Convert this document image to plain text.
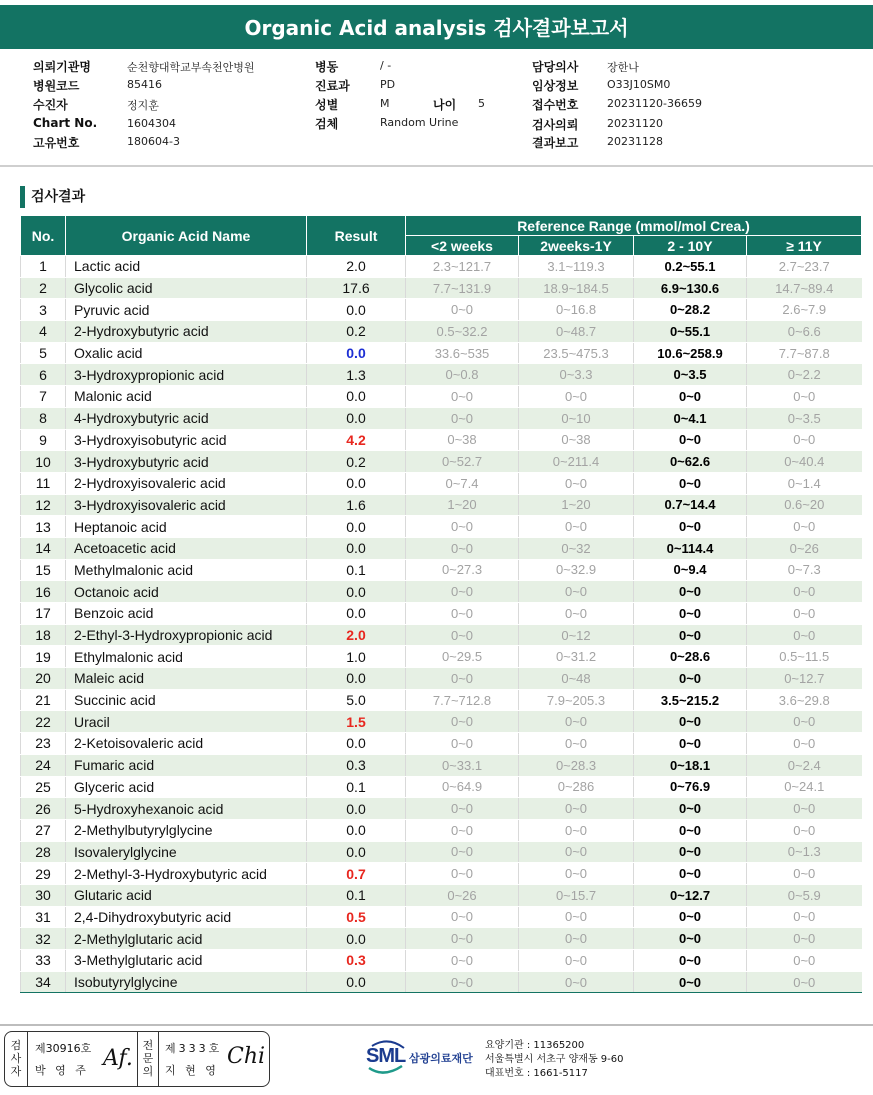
Organic Acid analysis 검사결과보고서
의뢰기관명	순천향대학교부속천안병원
병원코드	85416
수진자	정지훈
Chart No.	1604304
고유번호	180604-3
병동	/ -
진료과	PD
성별	M	나이 5
검체	Random Urine
담당의사	장한나
임상정보	O33J10SM0
접수번호	20231120-36659
검사의뢰	20231120
결과보고	20231128
검사결과
No.	Organic Acid Name	Result	Reference Range (mmol/mol Crea.)			
			<2 weeks	2weeks-1Y	2 - 10Y	≥ 11Y
1	Lactic acid	2.0	2.3~121.7	3.1~119.3	0.2~55.1	2.7~23.7
2	Glycolic acid	17.6	7.7~131.9	18.9~184.5	6.9~130.6	14.7~89.4
3	Pyruvic acid	0.0	0~0	0~16.8	0~28.2	2.6~7.9
4	2-Hydroxybutyric acid	0.2	0.5~32.2	0~48.7	0~55.1	0~6.6
5	Oxalic acid	0.0	33.6~535	23.5~475.3	10.6~258.9	7.7~87.8
6	3-Hydroxypropionic acid	1.3	0~0.8	0~3.3	0~3.5	0~2.2
7	Malonic acid	0.0	0~0	0~0	0~0	0~0
8	4-Hydroxybutyric acid	0.0	0~0	0~10	0~4.1	0~3.5
9	3-Hydroxyisobutyric acid	4.2	0~38	0~38	0~0	0~0
10	3-Hydroxybutyric acid	0.2	0~52.7	0~211.4	0~62.6	0~40.4
11	2-Hydroxyisovaleric acid	0.0	0~7.4	0~0	0~0	0~1.4
12	3-Hydroxyisovaleric acid	1.6	1~20	1~20	0.7~14.4	0.6~20
13	Heptanoic acid	0.0	0~0	0~0	0~0	0~0
14	Acetoacetic acid	0.0	0~0	0~32	0~114.4	0~26
15	Methylmalonic acid	0.1	0~27.3	0~32.9	0~9.4	0~7.3
16	Octanoic acid	0.0	0~0	0~0	0~0	0~0
17	Benzoic acid	0.0	0~0	0~0	0~0	0~0
18	2-Ethyl-3-Hydroxypropionic acid	2.0	0~0	0~12	0~0	0~0
19	Ethylmalonic acid	1.0	0~29.5	0~31.2	0~28.6	0.5~11.5
20	Maleic acid	0.0	0~0	0~48	0~0	0~12.7
21	Succinic acid	5.0	7.7~712.8	7.9~205.3	3.5~215.2	3.6~29.8
22	Uracil	1.5	0~0	0~0	0~0	0~0
23	2-Ketoisovaleric acid	0.0	0~0	0~0	0~0	0~0
24	Fumaric acid	0.3	0~33.1	0~28.3	0~18.1	0~2.4
25	Glyceric acid	0.1	0~64.9	0~286	0~76.9	0~24.1
26	5-Hydroxyhexanoic acid	0.0	0~0	0~0	0~0	0~0
27	2-Methylbutyrylglycine	0.0	0~0	0~0	0~0	0~0
28	Isovalerylglycine	0.0	0~0	0~0	0~0	0~1.3
29	2-Methyl-3-Hydroxybutyric acid	0.7	0~0	0~0	0~0	0~0
30	Glutaric acid	0.1	0~26	0~15.7	0~12.7	0~5.9
31	2,4-Dihydroxybutyric acid	0.5	0~0	0~0	0~0	0~0
32	2-Methylglutaric acid	0.0	0~0	0~0	0~0	0~0
33	3-Methylglutaric acid	0.3	0~0	0~0	0~0	0~0
34	Isobutyrylglycine	0.0	0~0	0~0	0~0	0~0
검
사
자
제30916호
박 영 주 Af.
전
문
의
제333호
지 현 영
Chi	SML 삼광의료재단
요양기관 : 11365200
서울특별시 서초구 양재동 9-60
대표번호 : 1661-5117
